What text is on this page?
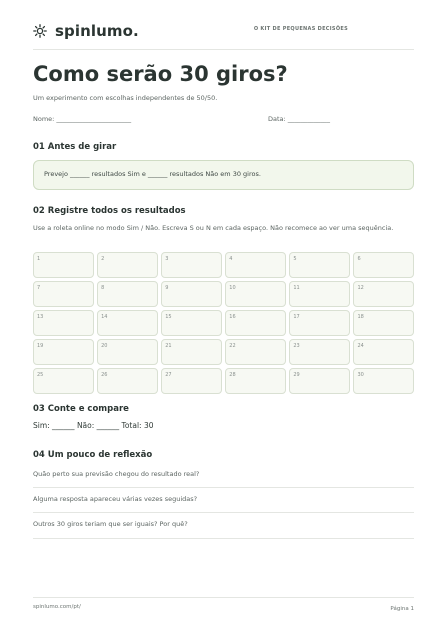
spinlumo.	O KIT DE PEQUENAS DECISÕES
Como serão 30 giros?
Um experimento com escolhas independentes de 50/50.
Nome: _______________________	Data: _____________
01 Antes de girar
Prevejo ______ resultados Sim e ______ resultados Não em 30 giros.
02 Registre todos os resultados
Use a roleta online no modo Sim / Não. Escreva S ou N em cada espaço. Não recomece ao ver uma sequência.
1	2	3	4	5	6
7	8	9	10	11	12
13	14	15	16	17	18
19	20	21	22	23	24
25	26	27	28	29	30
03 Conte e compare
Sim: ______ Não: ______ Total: 30
04 Um pouco de reflexão
Quão perto sua previsão chegou do resultado real?
Alguma resposta apareceu várias vezes seguidas?
Outros 30 giros teriam que ser iguais? Por quê?
spinlumo.com/pt/	Página 1
